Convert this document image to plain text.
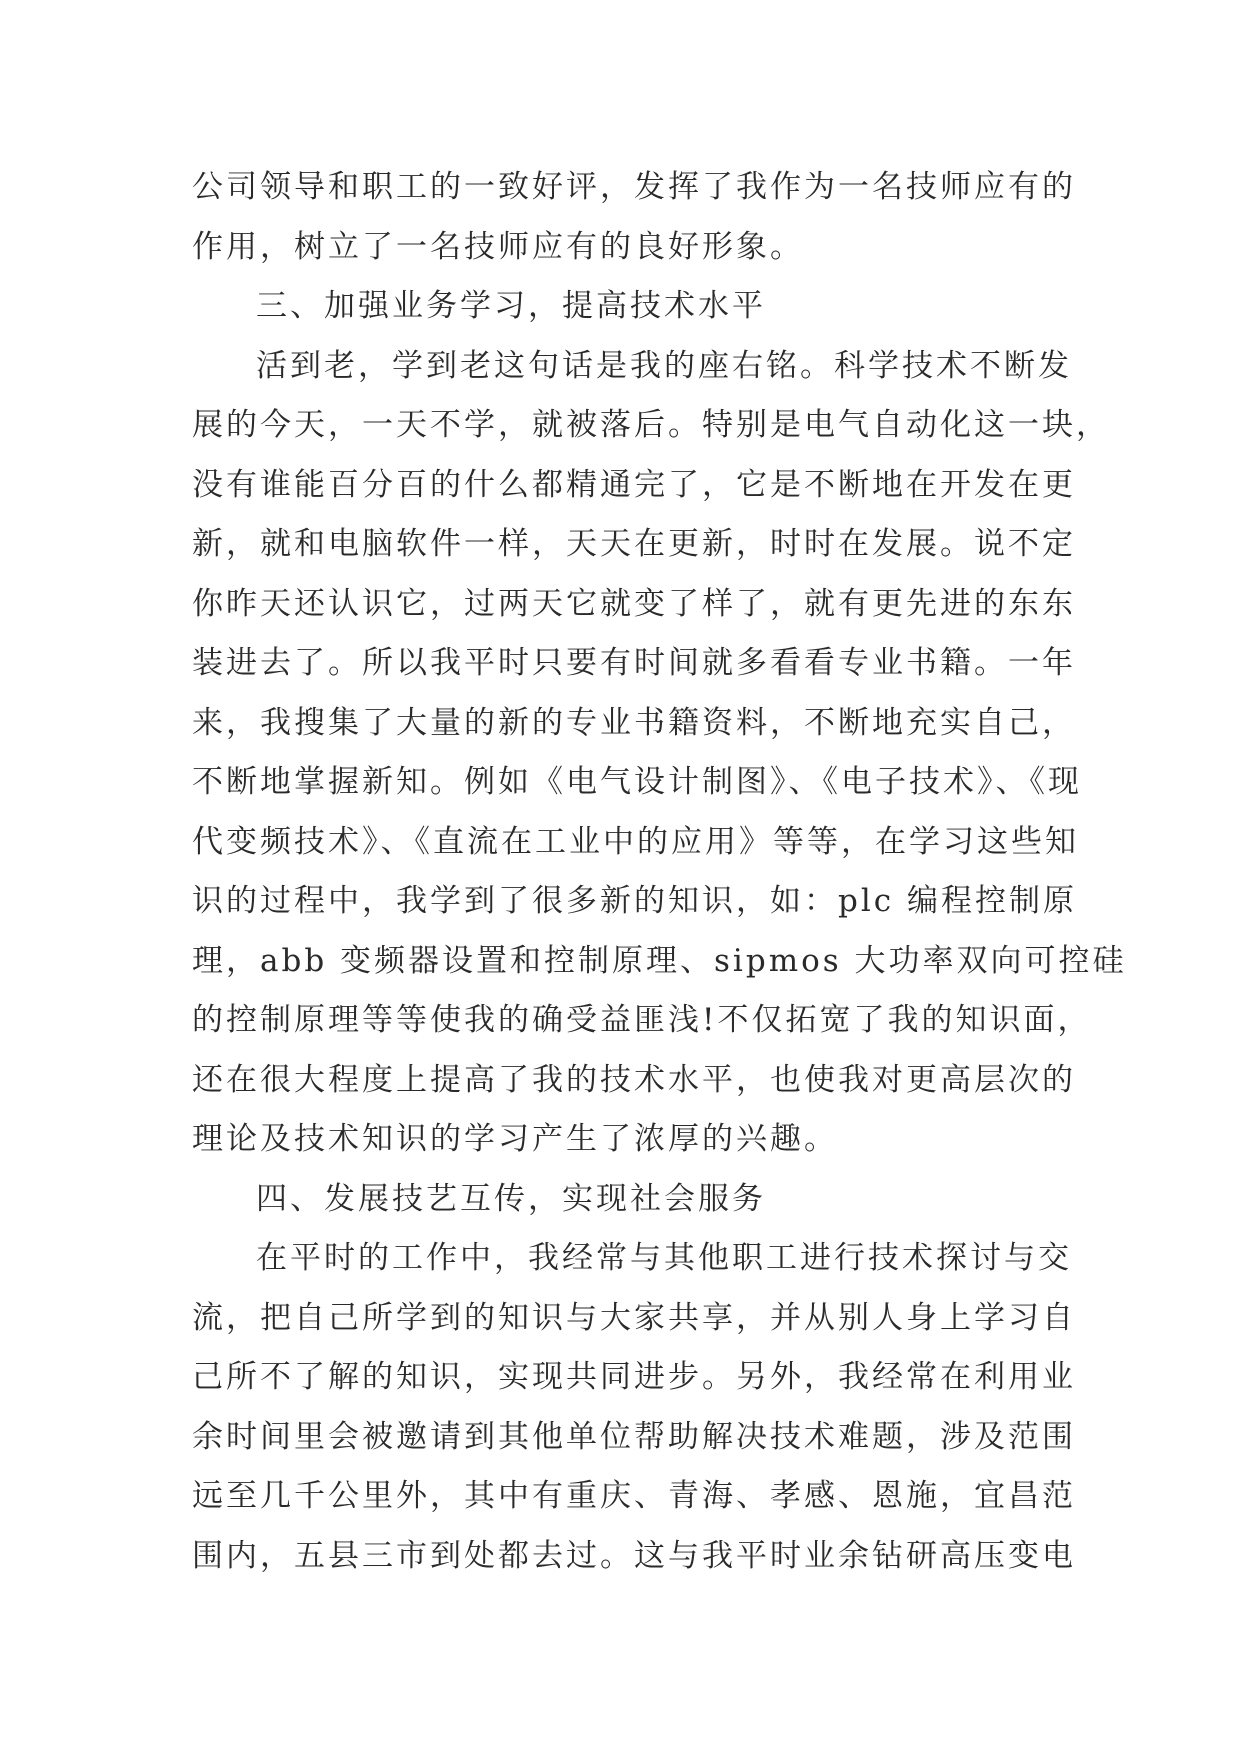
公司领导和职工的一致好评，发挥了我作为一名技师应有的
作用，树立了一名技师应有的良好形象。
三、加强业务学习，提高技术水平
活到老，学到老这句话是我的座右铭。科学技术不断发
展的今天，一天不学，就被落后。特别是电气自动化这一块，
没有谁能百分百的什么都精通完了，它是不断地在开发在更
新，就和电脑软件一样，天天在更新，时时在发展。说不定
你昨天还认识它，过两天它就变了样了，就有更先进的东东
装进去了。所以我平时只要有时间就多看看专业书籍。一年
来，我搜集了大量的新的专业书籍资料，不断地充实自己，
不断地掌握新知。例如《电气设计制图》、《电子技术》、《现
代变频技术》、《直流在工业中的应用》等等，在学习这些知
识的过程中，我学到了很多新的知识，如：plc 编程控制原
理，abb 变频器设置和控制原理、sipmos 大功率双向可控硅
的控制原理等等使我的确受益匪浅!不仅拓宽了我的知识面，
还在很大程度上提高了我的技术水平，也使我对更高层次的
理论及技术知识的学习产生了浓厚的兴趣。
四、发展技艺互传，实现社会服务
在平时的工作中，我经常与其他职工进行技术探讨与交
流，把自己所学到的知识与大家共享，并从别人身上学习自
己所不了解的知识，实现共同进步。另外，我经常在利用业
余时间里会被邀请到其他单位帮助解决技术难题，涉及范围
远至几千公里外，其中有重庆、青海、孝感、恩施，宜昌范
围内，五县三市到处都去过。这与我平时业余钻研高压变电
